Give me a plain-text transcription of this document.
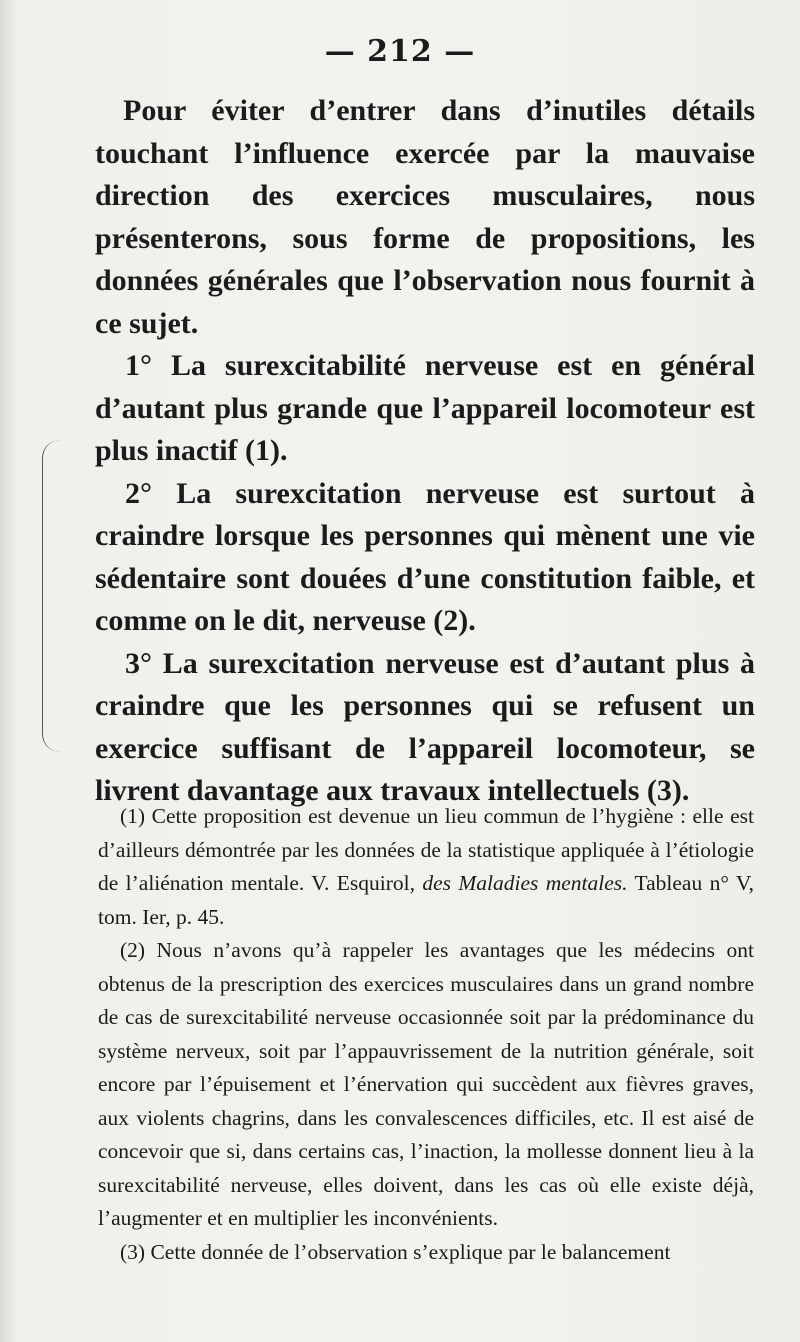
— 212 —

Pour éviter d’entrer dans d’inutiles détails touchant l’influence exercée par la mauvaise direction des exercices musculaires, nous présenterons, sous forme de propositions, les données générales que l’observation nous fournit à ce sujet.

1° La surexcitabilité nerveuse est en général d’autant plus grande que l’appareil locomoteur est plus inactif (1).

2° La surexcitation nerveuse est surtout à craindre lorsque les personnes qui mènent une vie sédentaire sont douées d’une constitution faible, et comme on le dit, nerveuse (2).

3° La surexcitation nerveuse est d’autant plus à craindre que les personnes qui se refusent un exercice suffisant de l’appareil locomoteur, se livrent davantage aux travaux intellectuels (3).

(1) Cette proposition est devenue un lieu commun de l’hygiène : elle est d’ailleurs démontrée par les données de la statistique appliquée à l’étiologie de l’aliénation mentale. V. Esquirol, des Maladies mentales. Tableau n° V, tom. Ier, p. 45.

(2) Nous n’avons qu’à rappeler les avantages que les médecins ont obtenus de la prescription des exercices musculaires dans un grand nombre de cas de surexcitabilité nerveuse occasionnée soit par la prédominance du système nerveux, soit par l’appauvrissement de la nutrition générale, soit encore par l’épuisement et l’énervation qui succèdent aux fièvres graves, aux violents chagrins, dans les convalescences difficiles, etc. Il est aisé de concevoir que si, dans certains cas, l’inaction, la mollesse donnent lieu à la surexcitabilité nerveuse, elles doivent, dans les cas où elle existe déjà, l’augmenter et en multiplier les inconvénients.

(3) Cette donnée de l’observation s’explique par le balancement
